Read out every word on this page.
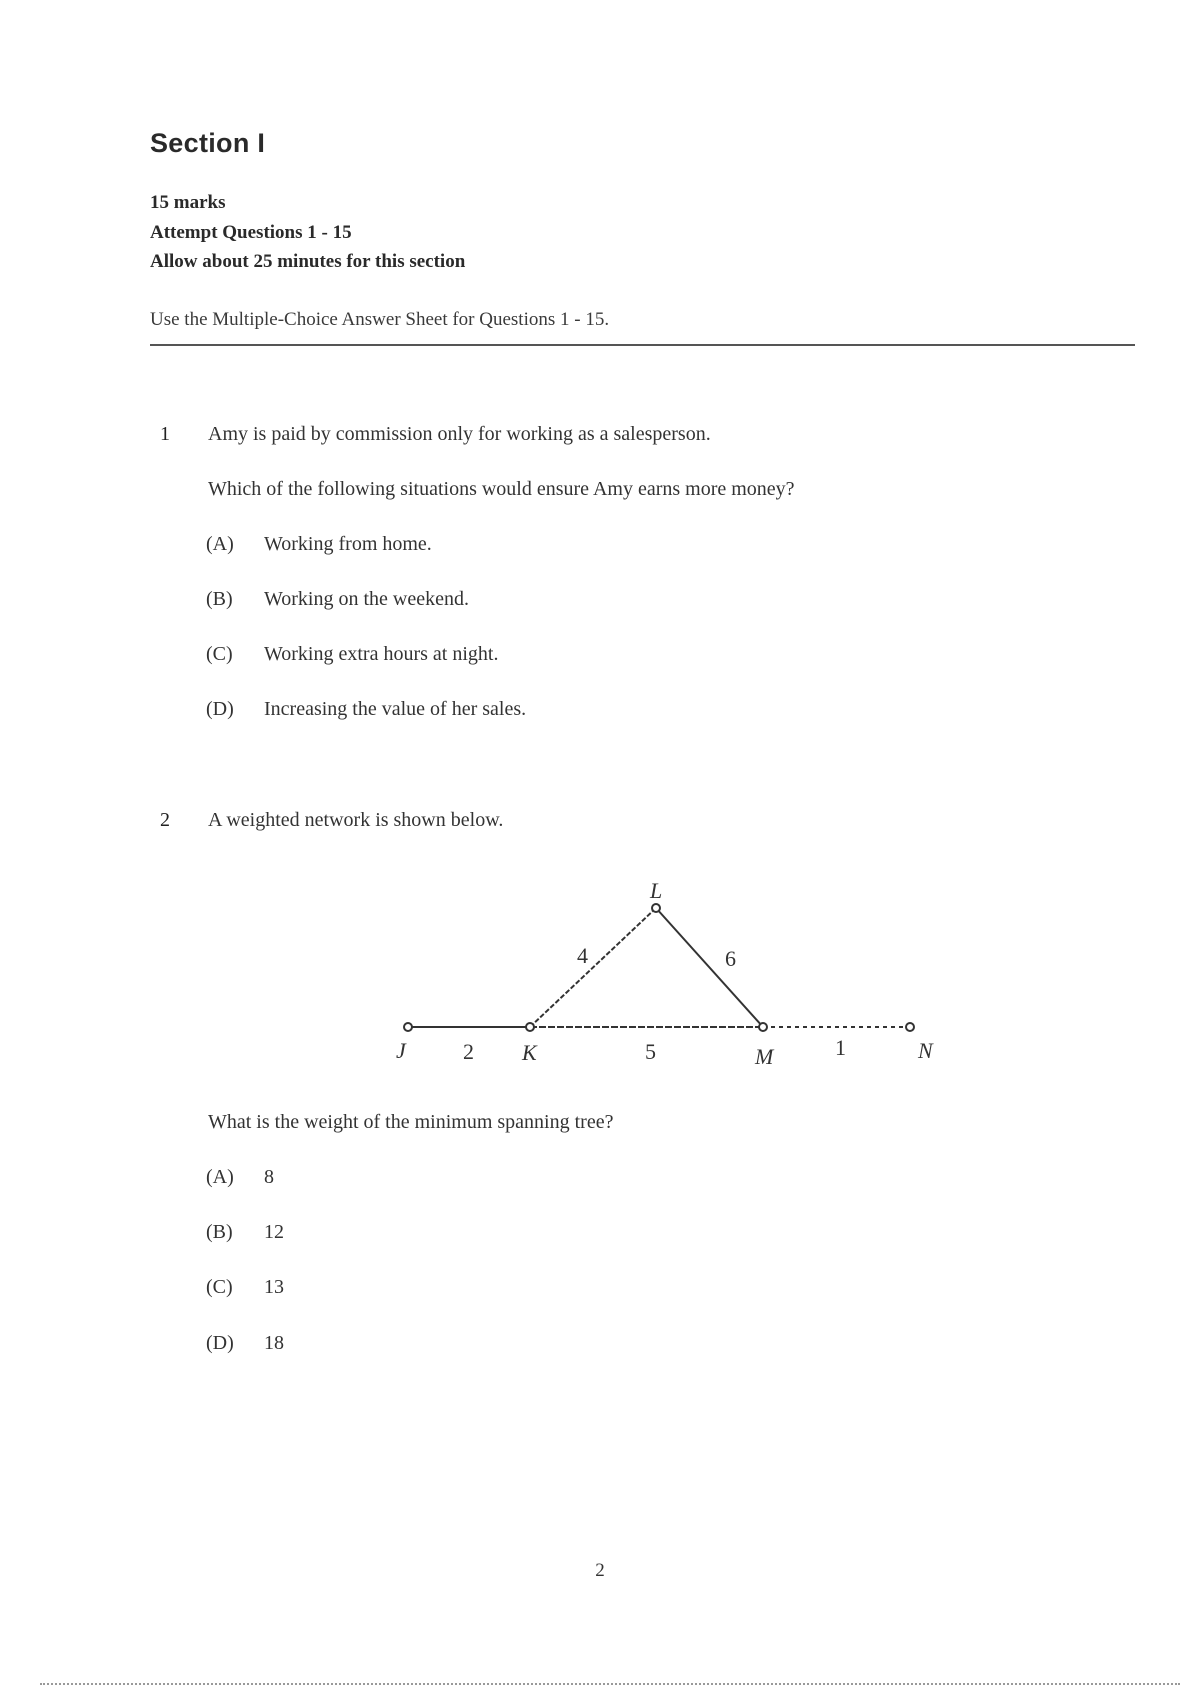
Section I
15 marks
Attempt Questions 1 - 15
Allow about 25 minutes for this section
Use the Multiple-Choice Answer Sheet for Questions 1 - 15.
1 Amy is paid by commission only for working as a salesperson.
Which of the following situations would ensure Amy earns more money?
(A) Working from home.
(B) Working on the weekend.
(C) Working extra hours at night.
(D) Increasing the value of her sales.
2 A weighted network is shown below.
J	K
L
M	N
2
4	6
5	1
What is the weight of the minimum spanning tree?
(A) 8
(B) 12
(C) 13
(D) 18
2
